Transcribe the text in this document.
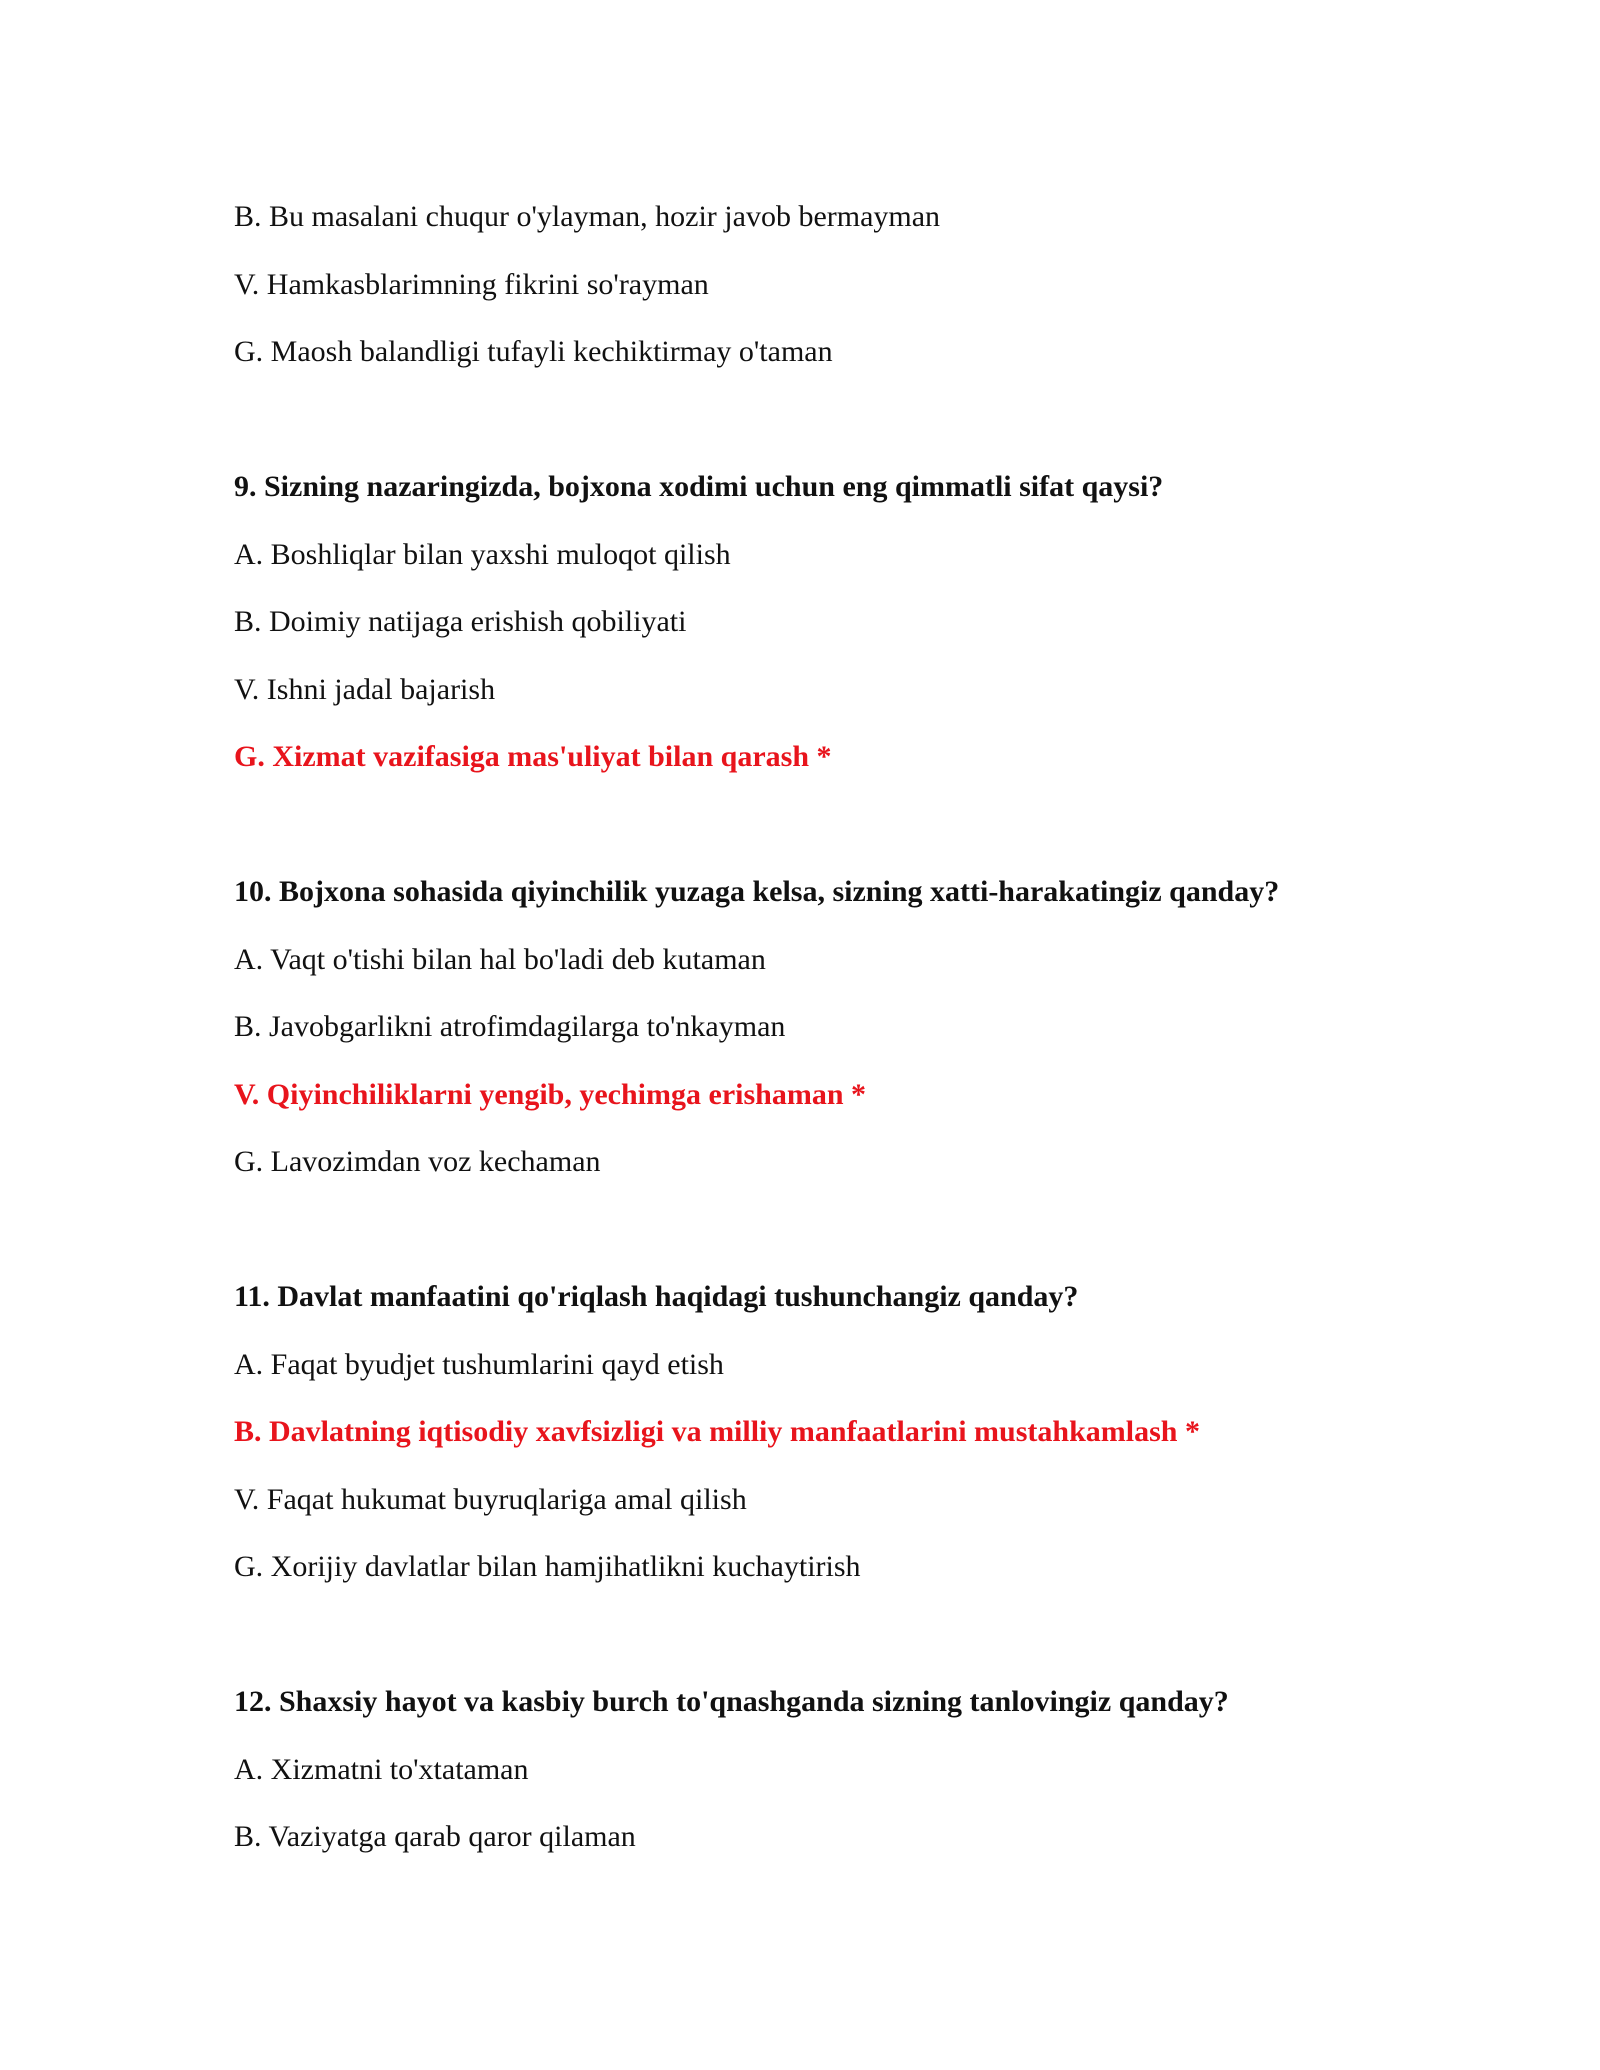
B. Bu masalani chuqur o'ylayman, hozir javob bermayman
V. Hamkasblarimning fikrini so'rayman
G. Maosh balandligi tufayli kechiktirmay o'taman
9. Sizning nazaringizda, bojxona xodimi uchun eng qimmatli sifat qaysi?
A. Boshliqlar bilan yaxshi muloqot qilish
B. Doimiy natijaga erishish qobiliyati
V. Ishni jadal bajarish
G. Xizmat vazifasiga mas'uliyat bilan qarash *
10. Bojxona sohasida qiyinchilik yuzaga kelsa, sizning xatti-harakatingiz qanday?
A. Vaqt o'tishi bilan hal bo'ladi deb kutaman
B. Javobgarlikni atrofimdagilarga to'nkayman
V. Qiyinchiliklarni yengib, yechimga erishaman *
G. Lavozimdan voz kechaman
11. Davlat manfaatini qo'riqlash haqidagi tushunchangiz qanday?
A. Faqat byudjet tushumlarini qayd etish
B. Davlatning iqtisodiy xavfsizligi va milliy manfaatlarini mustahkamlash *
V. Faqat hukumat buyruqlariga amal qilish
G. Xorijiy davlatlar bilan hamjihatlikni kuchaytirish
12. Shaxsiy hayot va kasbiy burch to'qnashganda sizning tanlovingiz qanday?
A. Xizmatni to'xtataman
B. Vaziyatga qarab qaror qilaman
